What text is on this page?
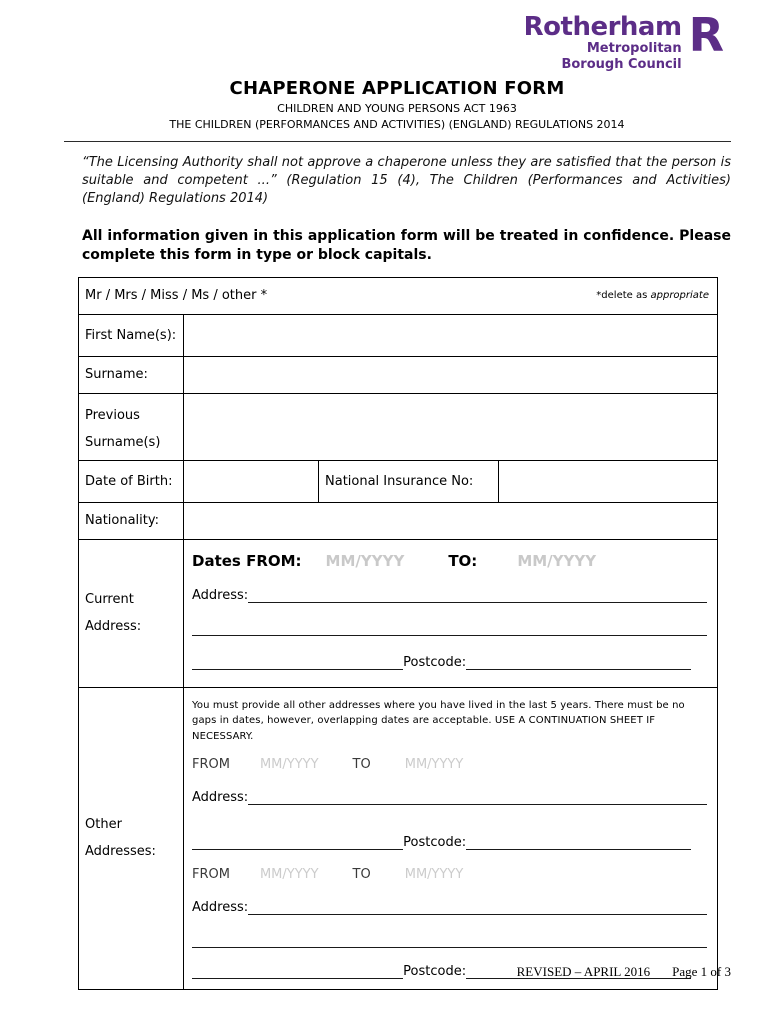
Rotherham
Metropolitan
Borough Council
R
CHAPERONE APPLICATION FORM
CHILDREN AND YOUNG PERSONS ACT 1963
THE CHILDREN (PERFORMANCES AND ACTIVITIES) (ENGLAND) REGULATIONS 2014

“The Licensing Authority shall not approve a chaperone unless they are satisfied that the person is suitable and competent ...” (Regulation 15 (4), The Children (Performances and Activities) (England) Regulations 2014)

All information given in this application form will be treated in confidence. Please complete this form in type or block capitals.

Mr / Mrs / Miss / Ms / other * *delete as appropriate			

First Name(s):			
Surname:			

Previous
Surname(s)			

Date of Birth:		National Insurance No:	
Nationality:			

Current
Address:

Dates FROM: MM/YYYY	TO:	MM/YYYY
Address:
Postcode:

Other
Addresses:

You must provide all other addresses where you have lived in the last 5 years. There must be no gaps in dates, however, overlapping dates are acceptable. USE A CONTINUATION SHEET IF NECESSARY.
FROM MM/YYYY	TO	MM/YYYY
Address:
Postcode:
FROM MM/YYYY	TO	MM/YYYY
Address:
Postcode:	REVISED – APRIL 2016 Page 1 of 3
